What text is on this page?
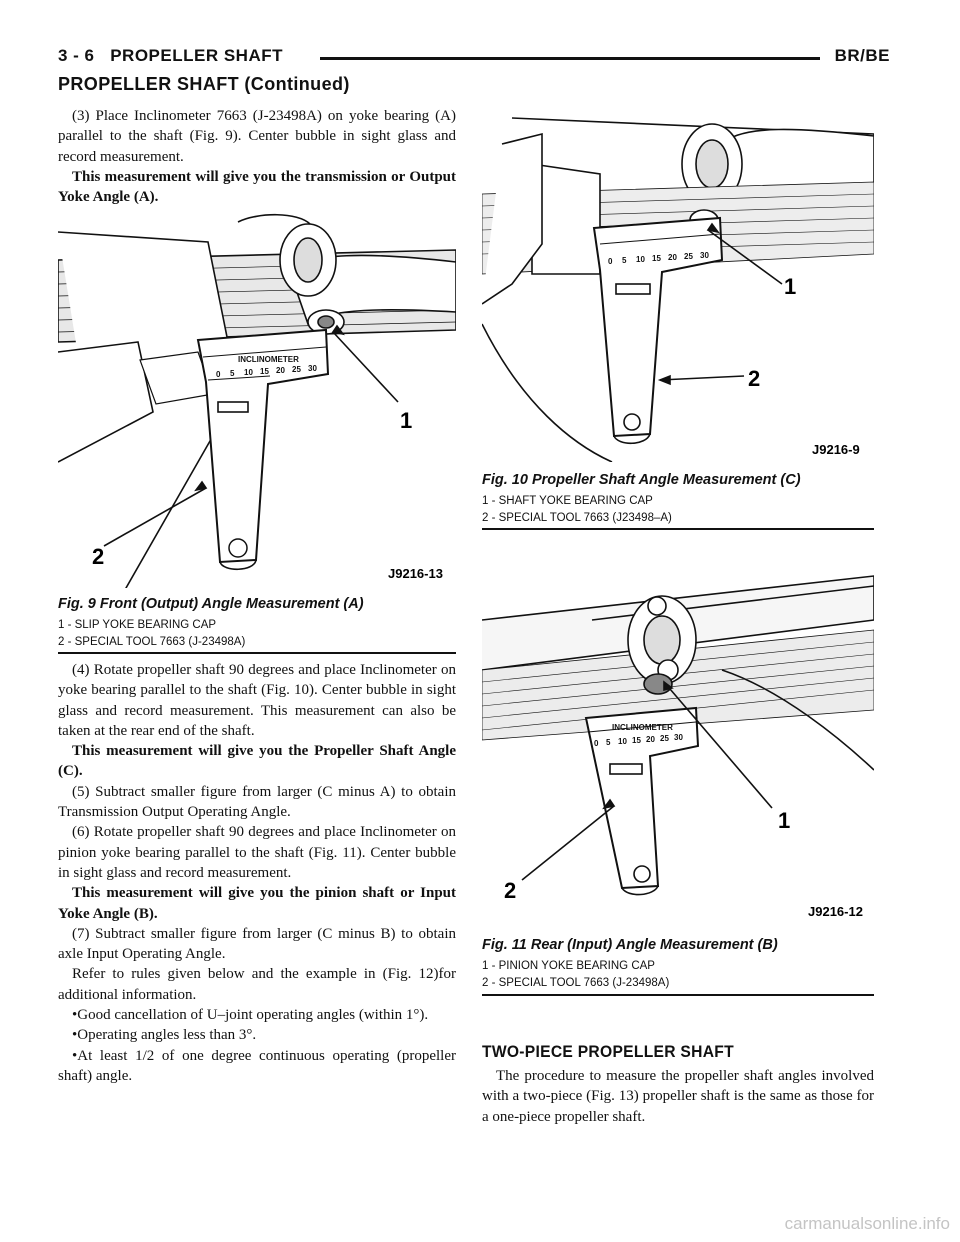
3 - 6 PROPELLER SHAFT	BR/BE
PROPELLER SHAFT (Continued)

(3) Place Inclinometer 7663 (J-23498A) on yoke bearing (A) parallel to the shaft (Fig. 9). Center bubble in sight glass and record measurement.

This measurement will give you the transmission or Output Yoke Angle (A).

INCLINOMETER
0 5 10 15 20 25 30
1
2
J9216-13
Fig. 9 Front (Output) Angle Measurement (A)
1 - SLIP YOKE BEARING CAP
2 - SPECIAL TOOL 7663 (J-23498A)

(4) Rotate propeller shaft 90 degrees and place Inclinometer on yoke bearing parallel to the shaft (Fig. 10). Center bubble in sight glass and record measurement. This measurement can also be taken at the rear end of the shaft.

This measurement will give you the Propeller Shaft Angle (C).

(5) Subtract smaller figure from larger (C minus A) to obtain Transmission Output Operating Angle.

(6) Rotate propeller shaft 90 degrees and place Inclinometer on pinion yoke bearing parallel to the shaft (Fig. 11). Center bubble in sight glass and record measurement.

This measurement will give you the pinion shaft or Input Yoke Angle (B).

(7) Subtract smaller figure from larger (C minus B) to obtain axle Input Operating Angle.

Refer to rules given below and the example in (Fig. 12)for additional information.

•Good cancellation of U–joint operating angles (within 1°).

•Operating angles less than 3°.

•At least 1/2 of one degree continuous operating (propeller shaft) angle.

0 5 10 15 20 25 30
1
2
J9216-9
Fig. 10 Propeller Shaft Angle Measurement (C)
1 - SHAFT YOKE BEARING CAP
2 - SPECIAL TOOL 7663 (J23498–A)
INCLINOMETER
0 5 10 15 20 25 30
1
2
J9216-12
Fig. 11 Rear (Input) Angle Measurement (B)
1 - PINION YOKE BEARING CAP
2 - SPECIAL TOOL 7663 (J-23498A)
TWO-PIECE PROPELLER SHAFT

The procedure to measure the propeller shaft angles involved with a two-piece (Fig. 13) propeller shaft is the same as those for a one-piece propeller shaft.

carmanualsonline.info
